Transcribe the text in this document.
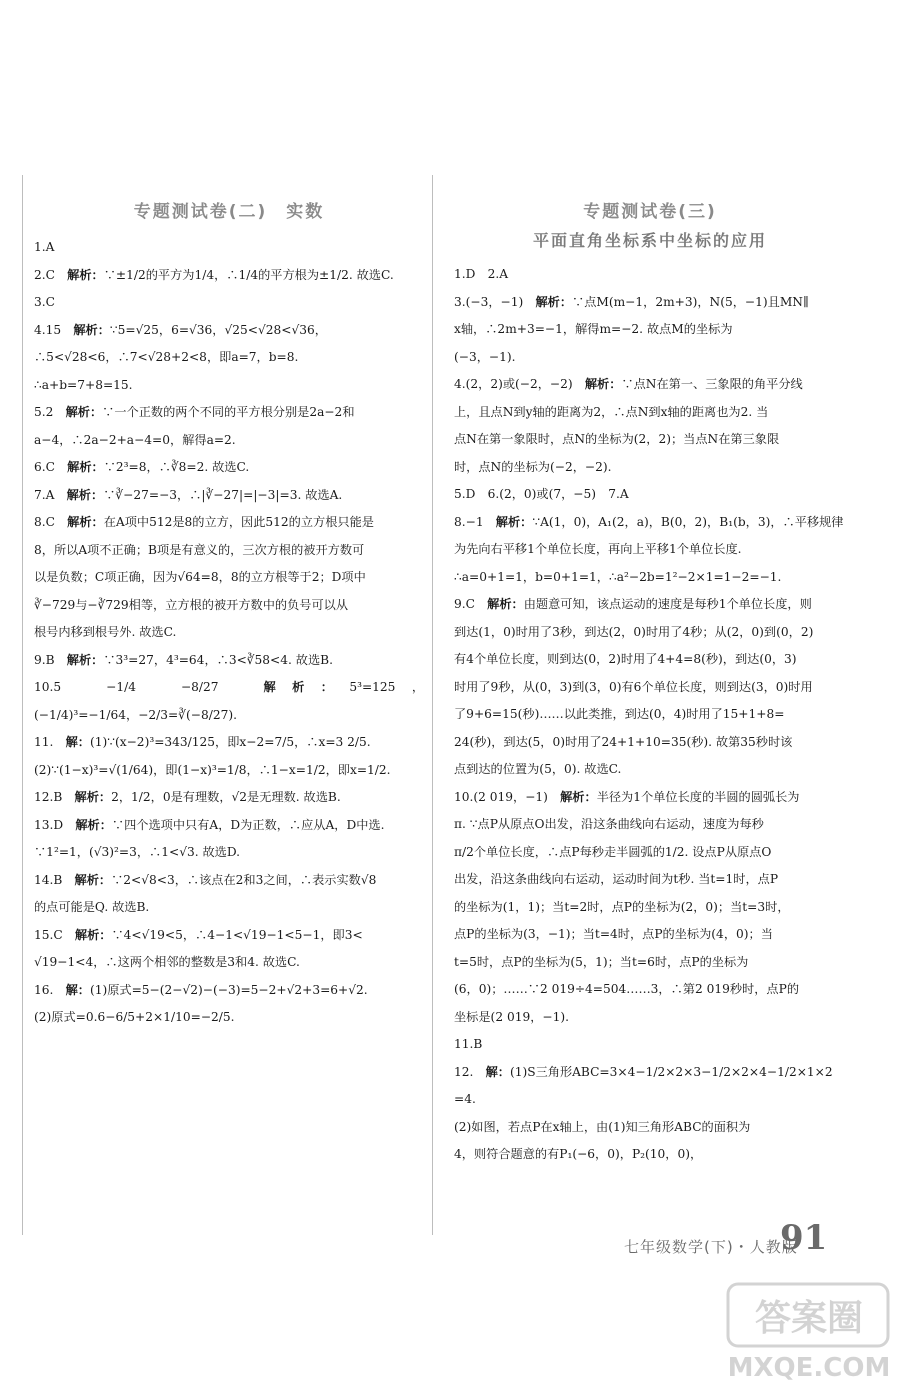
专题测试卷(二)　实数

1.A

2.C　 解析：∵±1/2的平方为1/4，∴1/4的平方根为±1/2. 故选C.

3.C

4.15　 解析：∵5=√25，6=√36，√25<√28<√36，

∴5<√28<6，∴7<√28+2<8，即a=7，b=8.

∴a+b=7+8=15.

5.2　 解析：∵一个正数的两个不同的平方根分别是2a−2和

a−4，∴2a−2+a−4=0，解得a=2.

6.C　 解析：∵2³=8，∴∛8=2. 故选C.

7.A　 解析：∵∛−27=−3，∴|∛−27|=|−3|=3. 故选A.

8.C　 解析：在A项中512是8的立方，因此512的立方根只能是

8，所以A项不正确；B项是有意义的，三次方根的被开方数可

以是负数；C项正确，因为√64=8，8的立方根等于2；D项中

∛−729与−∛729相等，立方根的被开方数中的负号可以从

根号内移到根号外. 故选C.

9.B　 解析：∵3³=27，4³=64，∴3<∛58<4. 故选B.

10.5　−1/4　−8/27　	解析：5³=125，(−1/4)³=−1/64，−2/3=∛(−8/27).

11.　 解：(1)∵(x−2)³=343/125，即x−2=7/5，∴x=3 2/5.

(2)∵(1−x)³=√(1/64)，即(1−x)³=1/8，∴1−x=1/2，即x=1/2.

12.B　 解析：2，1/2，0是有理数，√2是无理数. 故选B.

13.D　 解析：∵四个选项中只有A，D为正数，∴应从A，D中选.

∵1²=1，(√3)²=3，∴1<√3. 故选D.

14.B　 解析：∵2<√8<3，∴该点在2和3之间，∴表示实数√8

的点可能是Q. 故选B.

15.C　 解析：∵4<√19<5，∴4−1<√19−1<5−1，即3<

√19−1<4，∴这两个相邻的整数是3和4. 故选C.

16.　 解：(1)原式=5−(2−√2)−(−3)=5−2+√2+3=6+√2.

(2)原式=0.6−6/5+2×1/10=−2/5.

专题测试卷(三)
平面直角坐标系中坐标的应用

1.D　2.A

3.(−3，−1)　 解析：∵点M(m−1，2m+3)，N(5，−1)且MN∥

x轴，∴2m+3=−1，解得m=−2. 故点M的坐标为

(−3，−1).

4.(2，2)或(−2，−2)　 解析：∵点N在第一、三象限的角平分线

上，且点N到y轴的距离为2，∴点N到x轴的距离也为2. 当

点N在第一象限时，点N的坐标为(2，2)；当点N在第三象限

时，点N的坐标为(−2，−2).

5.D　6.(2，0)或(7，−5)　7.A

8.−1　 解析：∵A(1，0)，A₁(2，a)，B(0，2)，B₁(b，3)，∴平移规律

为先向右平移1个单位长度，再向上平移1个单位长度.

∴a=0+1=1，b=0+1=1，∴a²−2b=1²−2×1=1−2=−1.

9.C　 解析：由题意可知，该点运动的速度是每秒1个单位长度，则

到达(1，0)时用了3秒，到达(2，0)时用了4秒；从(2，0)到(0，2)

有4个单位长度，则到达(0，2)时用了4+4=8(秒)，到达(0，3)

时用了9秒，从(0，3)到(3，0)有6个单位长度，则到达(3，0)时用

了9+6=15(秒)……以此类推，到达(0，4)时用了15+1+8=

24(秒)，到达(5，0)时用了24+1+10=35(秒). 故第35秒时该

点到达的位置为(5，0). 故选C.

10.(2 019，−1)　 解析：半径为1个单位长度的半圆的圆弧长为

π. ∵点P从原点O出发，沿这条曲线向右运动，速度为每秒

π/2个单位长度，∴点P每秒走半圆弧的1/2. 设点P从原点O

出发，沿这条曲线向右运动，运动时间为t秒. 当t=1时，点P

的坐标为(1，1)；当t=2时，点P的坐标为(2，0)；当t=3时，

点P的坐标为(3，−1)；当t=4时，点P的坐标为(4，0)；当

t=5时，点P的坐标为(5，1)；当t=6时，点P的坐标为

(6，0)；……∵2 019÷4=504……3，∴第2 019秒时，点P的

坐标是(2 019，−1).

11.B

12.　 解：(1)S三角形ABC=3×4−1/2×2×3−1/2×2×4−1/2×1×2

=4.

(2)如图，若点P在x轴上，由(1)知三角形ABC的面积为

4，则符合题意的有P₁(−6，0)，P₂(10，0)，

七年级数学(下)・人教版
91
答案圈
MXQE.COM
